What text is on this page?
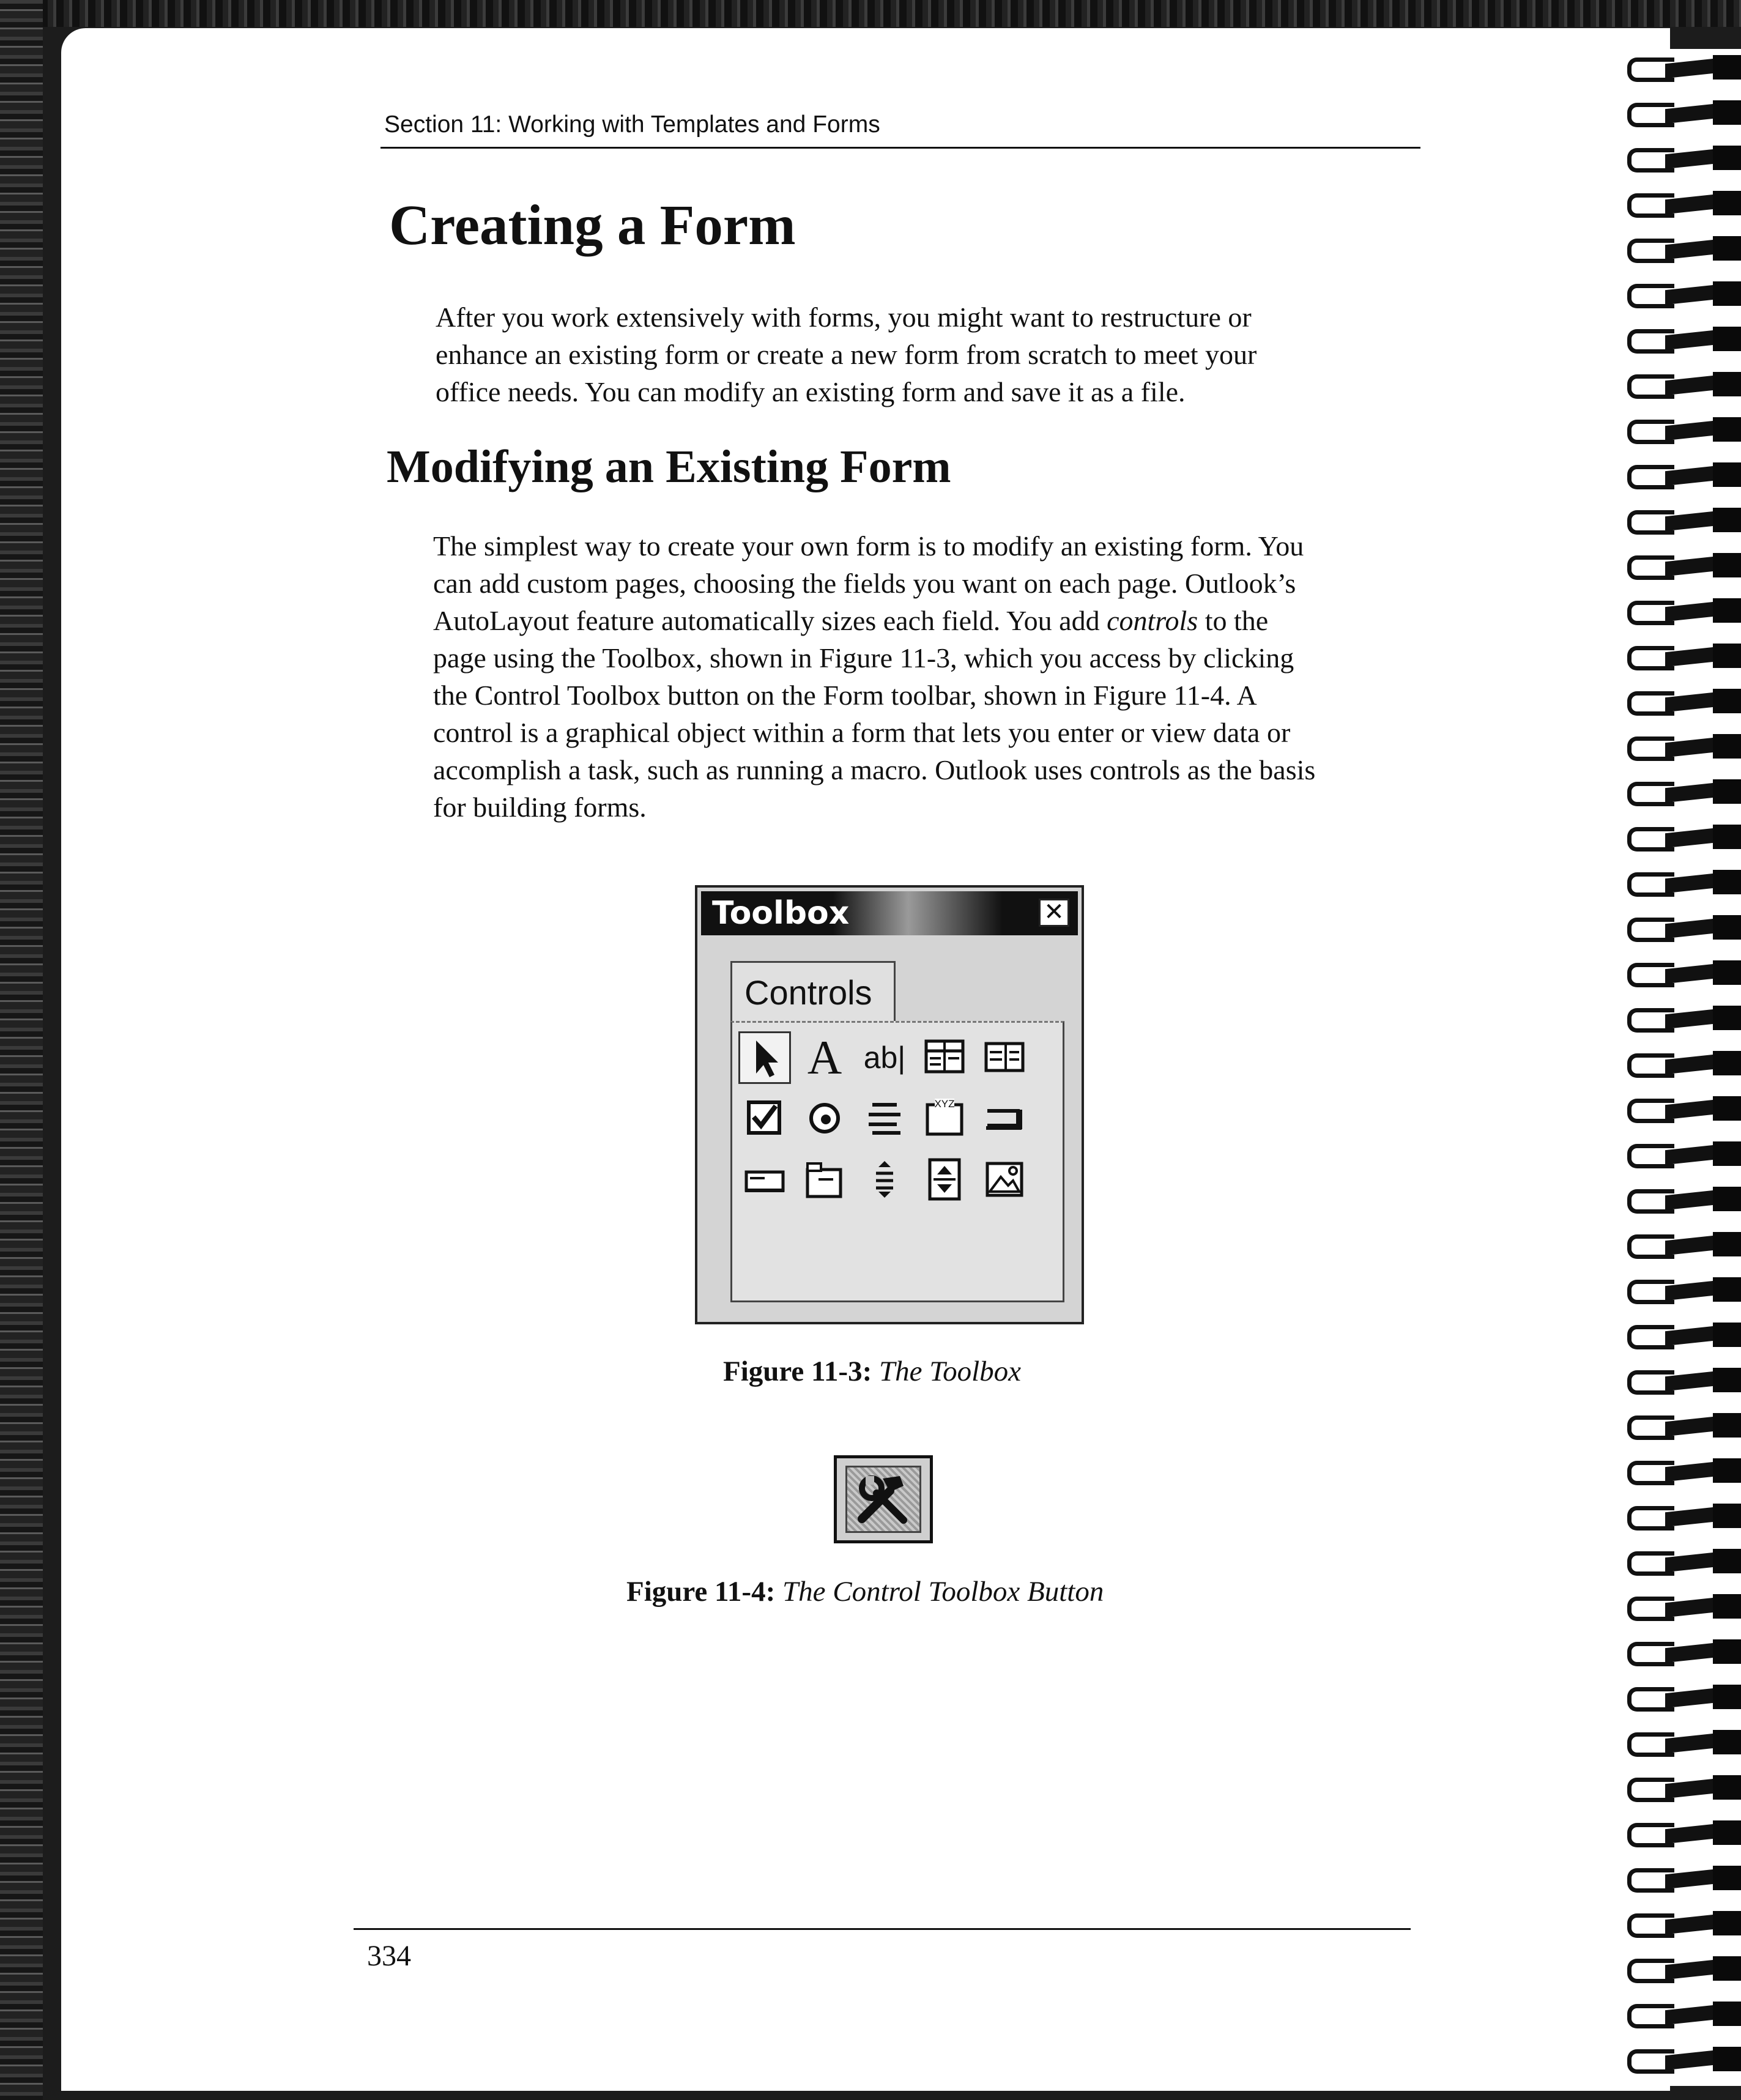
Section 11: Working with Templates and Forms
Creating a Form

After you work extensively with forms, you might want to restructure or
enhance an existing form or create a new form from scratch to meet your
office needs. You can modify an existing form and save it as a file.

Modifying an Existing Form

The simplest way to create your own form is to modify an existing form. You
can add custom pages, choosing the fields you want on each page. Outlook’s
AutoLayout feature automatically sizes each field. You add controls to the
page using the Toolbox, shown in Figure 11-3, which you access by clicking
the Control Toolbox button on the Form toolbar, shown in Figure 11-4. A
control is a graphical object within a form that lets you enter or view data or
accomplish a task, such as running a macro. Outlook uses controls as the basis
for building forms.

Toolbox	✕
Controls
A ab|
XYZ
Figure 11-3: The Toolbox
Figure 11-4: The Control Toolbox Button
334
